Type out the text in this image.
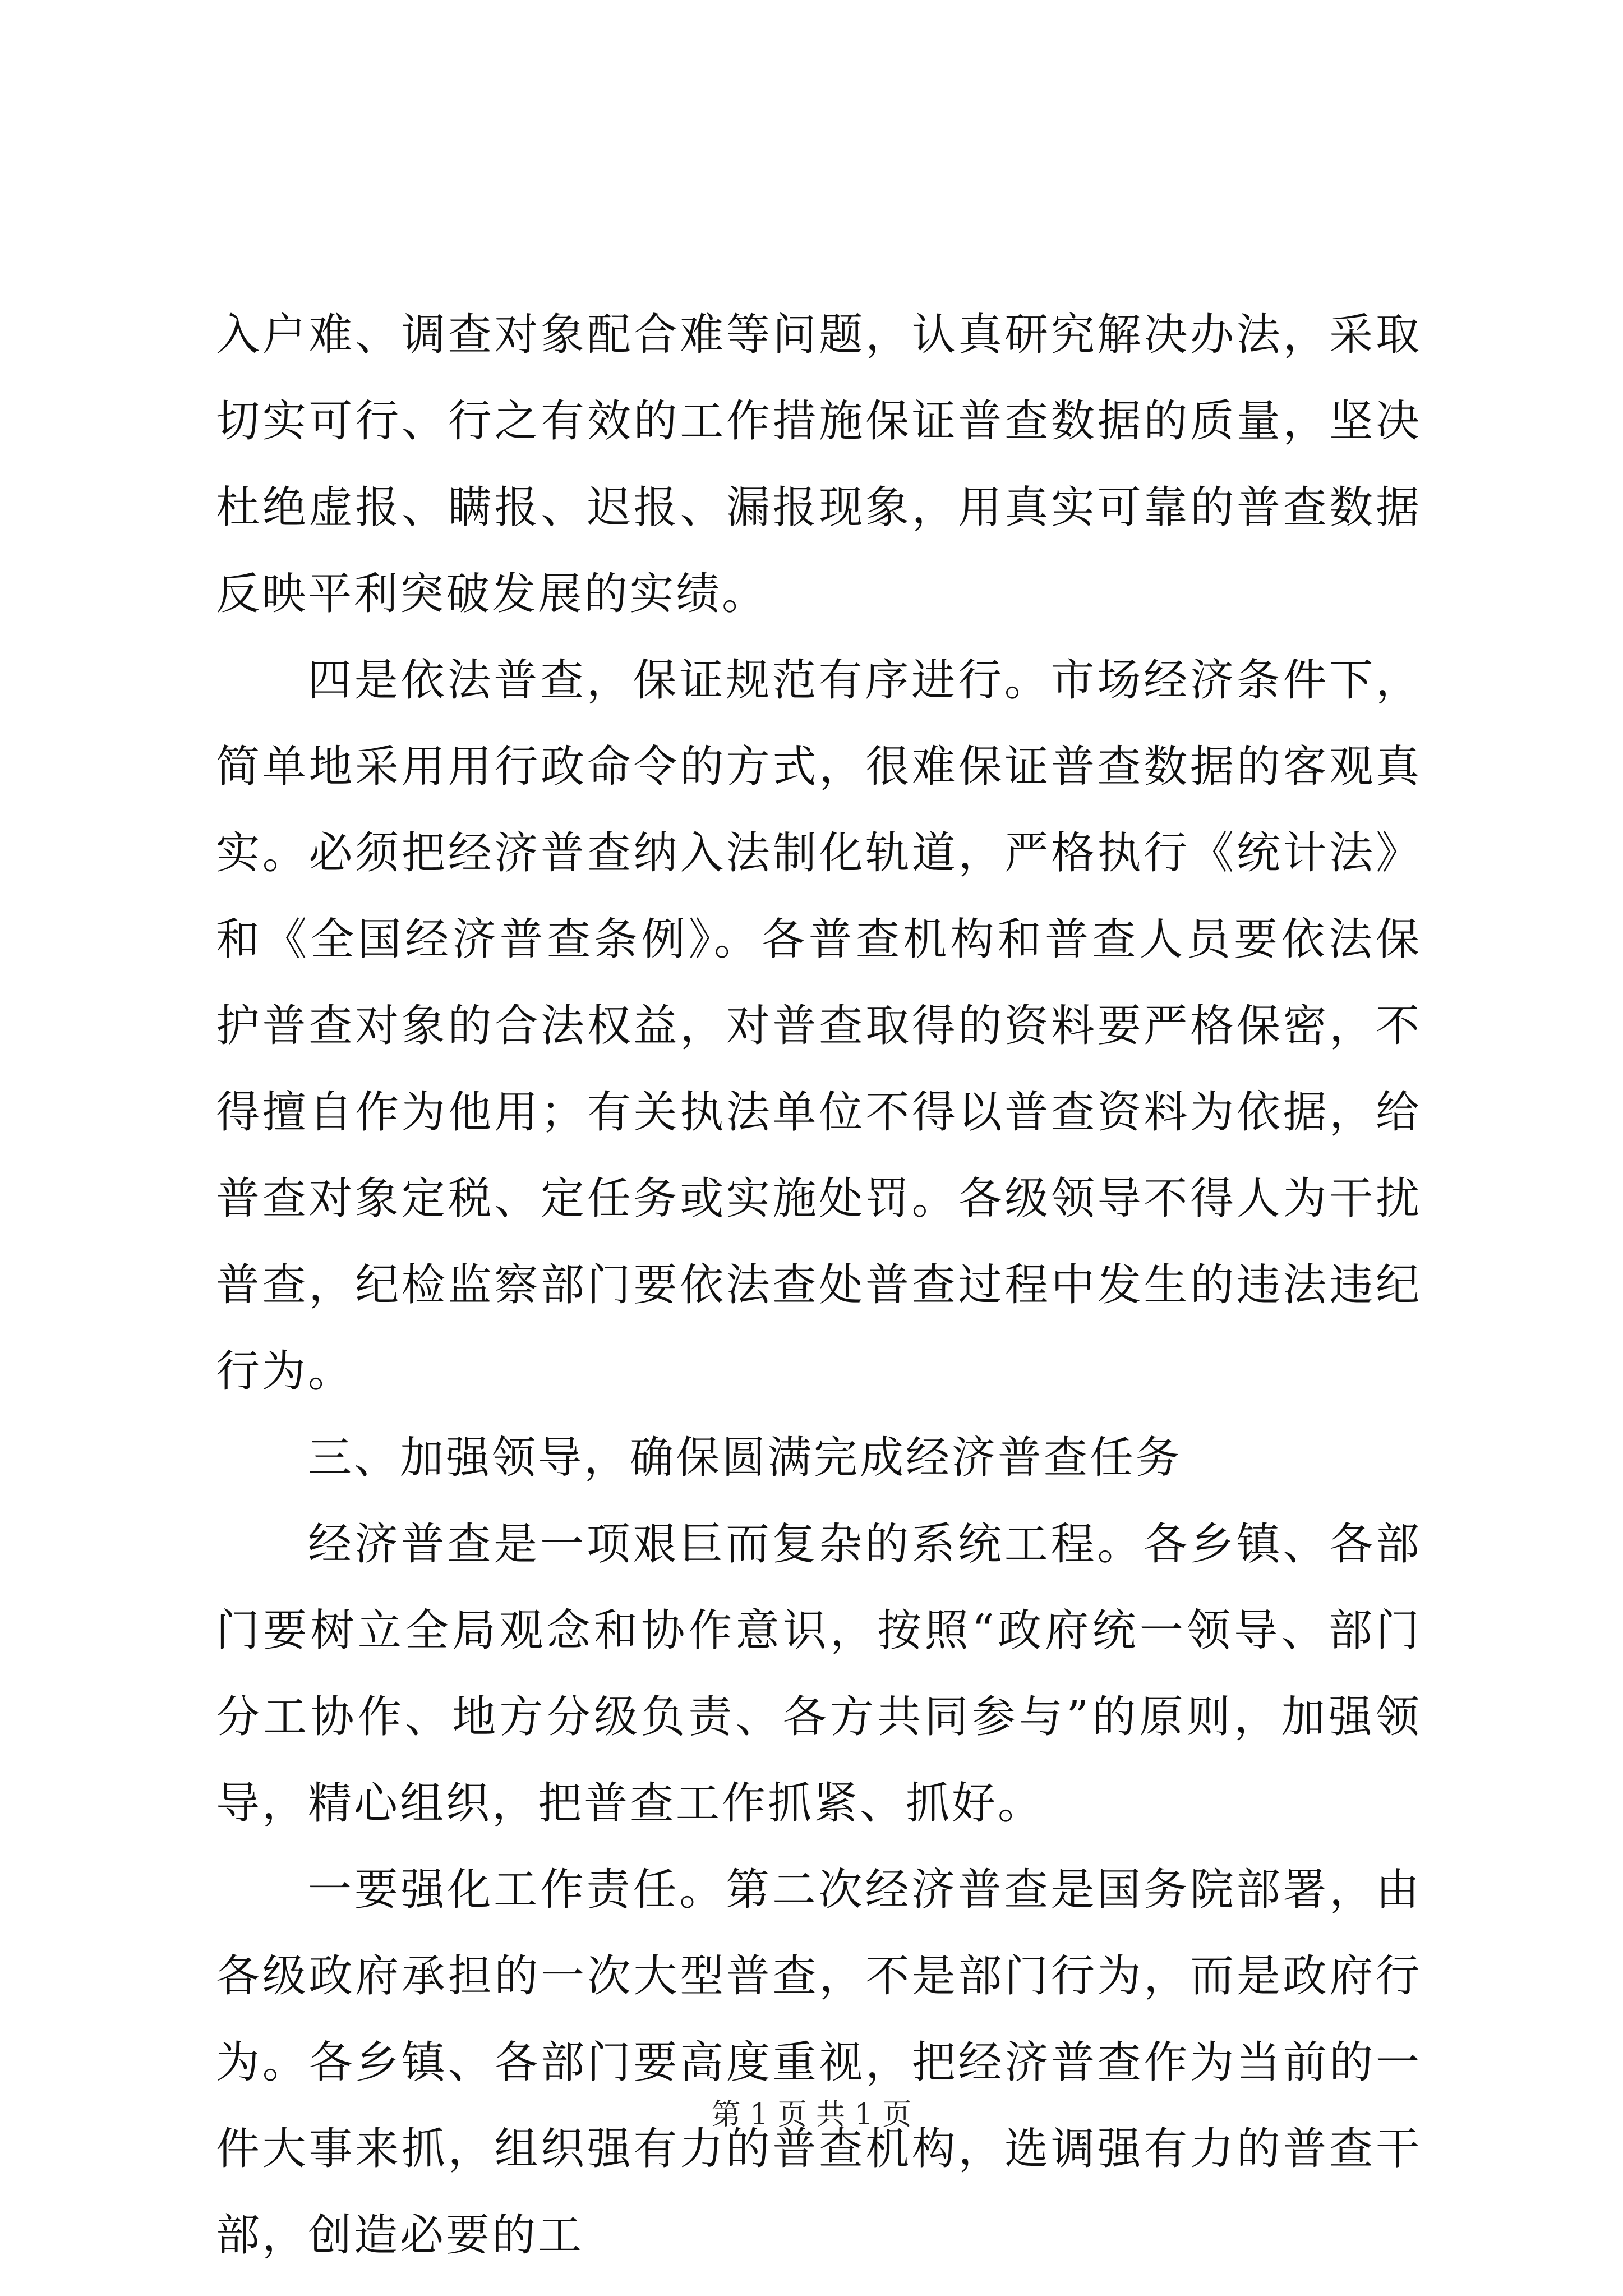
入户难、调查对象配合难等问题，认真研究解决办法，采取切实可行、行之有效的工作措施保证普查数据的质量，坚决杜绝虚报、瞒报、迟报、漏报现象，用真实可靠的普查数据反映平利突破发展的实绩。

四是依法普查，保证规范有序进行。市场经济条件下，简单地采用用行政命令的方式，很难保证普查数据的客观真实。必须把经济普查纳入法制化轨道，严格执行《统计法》和《全国经济普查条例》。各普查机构和普查人员要依法保护普查对象的合法权益，对普查取得的资料要严格保密，不得擅自作为他用；有关执法单位不得以普查资料为依据，给普查对象定税、定任务或实施处罚。各级领导不得人为干扰普查，纪检监察部门要依法查处普查过程中发生的违法违纪行为。

三、加强领导，确保圆满完成经济普查任务

经济普查是一项艰巨而复杂的系统工程。各乡镇、各部门要树立全局观念和协作意识，按照“政府统一领导、部门分工协作、地方分级负责、各方共同参与”的原则，加强领导，精心组织，把普查工作抓紧、抓好。

一要强化工作责任。第二次经济普查是国务院部署，由各级政府承担的一次大型普查，不是部门行为，而是政府行为。各乡镇、各部门要高度重视，把经济普查作为当前的一件大事来抓，组织强有力的普查机构，选调强有力的普查干部，创造必要的工

第 1 页 共 1 页
